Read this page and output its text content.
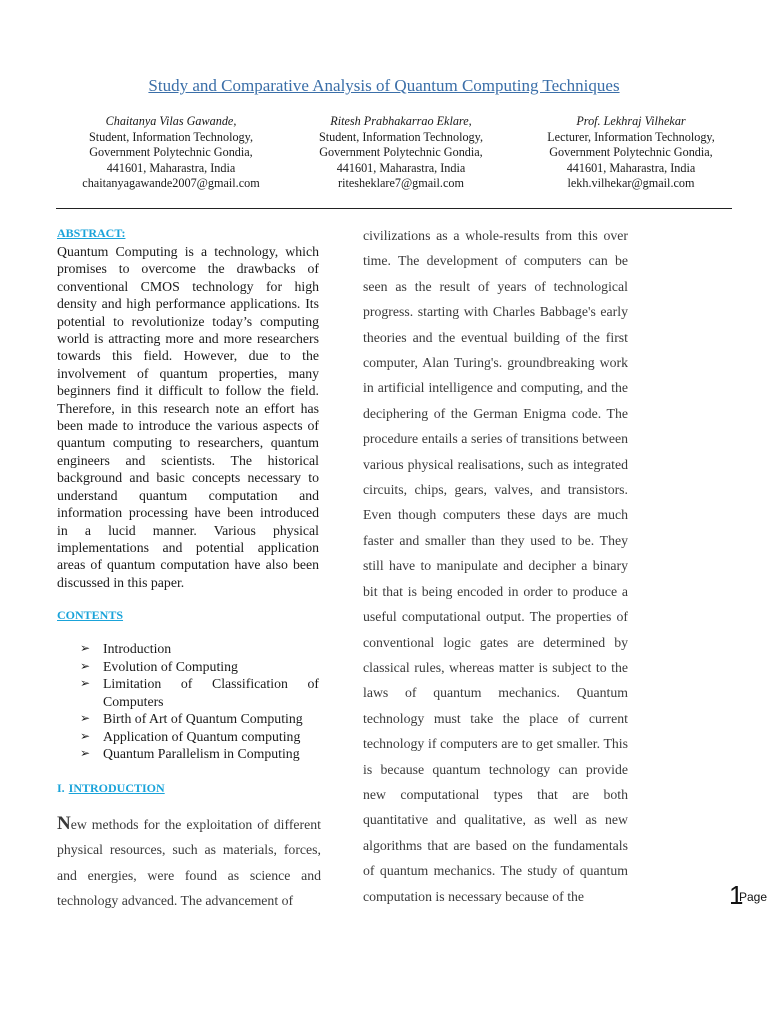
Study and Comparative Analysis of Quantum Computing Techniques
Chaitanya Vilas Gawande,
Student, Information Technology,
Government Polytechnic Gondia,
441601, Maharastra, India
chaitanyagawande2007@gmail.com
Ritesh Prabhakarrao Eklare,
Student, Information Technology,
Government Polytechnic Gondia,
441601, Maharastra, India
ritesheklare7@gmail.com
Prof. Lekhraj Vilhekar
Lecturer, Information Technology,
Government Polytechnic Gondia,
441601, Maharastra, India
lekh.vilhekar@gmail.com
ABSTRACT:
Quantum Computing is a technology, which promises to overcome the drawbacks of conventional CMOS technology for high density and high performance applications. Its potential to revolutionize today’s computing world is attracting more and more researchers towards this field. However, due to the involvement of quantum properties, many beginners find it difficult to follow the field. Therefore, in this research note an effort has been made to introduce the various aspects of quantum computing to researchers, quantum engineers and scientists. The historical background and basic concepts necessary to understand quantum computation and information processing have been introduced in a lucid manner. Various physical implementations and potential application areas of quantum computation have also been discussed in this paper.
CONTENTS
➢ Introduction
➢ Evolution of Computing
➢ Limitation of Classification of Computers
➢ Birth of Art of Quantum Computing
➢ Application of Quantum computing
➢ Quantum Parallelism in Computing
I. INTRODUCTION
New methods for the exploitation of different physical resources, such as materials, forces, and energies, were found as science and technology advanced. The advancement of
civilizations as a whole-results from this over time. The development of computers can be seen as the result of years of technological progress. starting with Charles Babbage's early theories and the eventual building of the first computer, Alan Turing's. groundbreaking work in artificial intelligence and computing, and the deciphering of the German Enigma code. The procedure entails a series of transitions between various physical realisations, such as integrated circuits, chips, gears, valves, and transistors. Even though computers these days are much faster and smaller than they used to be. They still have to manipulate and decipher a binary bit that is being encoded in order to produce a useful computational output. The properties of conventional logic gates are determined by classical rules, whereas matter is subject to the laws of quantum mechanics. Quantum technology must take the place of current technology if computers are to get smaller. This is because quantum technology can provide new computational types that are both quantitative and qualitative, as well as new algorithms that are based on the fundamentals of quantum mechanics. The study of quantum computation is necessary because of the	1
Page
